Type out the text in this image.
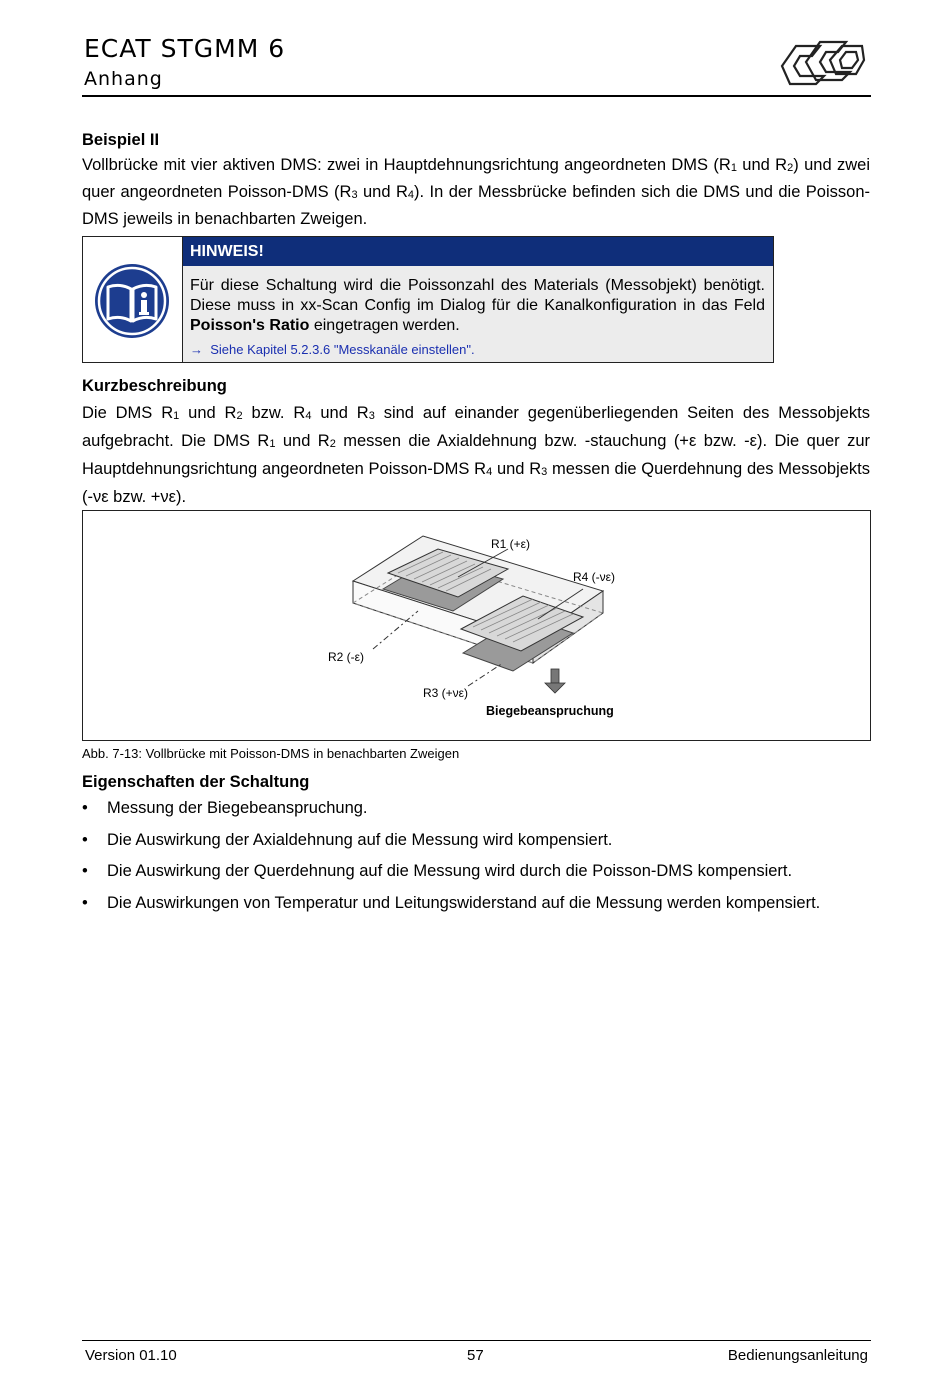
ECAT STGMM 6
Anhang
Beispiel II

Vollbrücke mit vier aktiven DMS: zwei in Hauptdehnungsrichtung angeordneten DMS ($R_1$ und $R_2$) und zwei quer angeordneten Poisson-DMS ($R_3$ und $R_4$). In der Messbrücke befinden sich die DMS und die Poisson-DMS jeweils in benachbarten Zweigen.

HINWEIS!
Für diese Schaltung wird die Poissonzahl des Materials (Messobjekt) benötigt. Diese muss in xx-Scan Config im Dialog für die Kanalkonfiguration in das Feld Poisson's Ratio eingetragen werden.
→ Siehe Kapitel 5.2.3.6 "Messkanäle einstellen".
Kurzbeschreibung

Die DMS $R_1$ und $R_2$ bzw. $R_4$ und $R_3$ sind auf einander gegenüberliegenden Seiten des Messobjekts aufgebracht. Die DMS $R_1$ und $R_2$ messen die Axialdehnung bzw. -stauchung (+ε bzw. -ε). Die quer zur Hauptdehnungsrichtung angeordneten Poisson-DMS $R_4$ und $R_3$ messen die Querdehnung des Messobjekts (-νε bzw. +νε).

R1 (+ε)
R4 (-νε)
R2 (-ε)
R3 (+νε)
Biegebeanspruchung
Abb. 7-13: Vollbrücke mit Poisson-DMS in benachbarten Zweigen
Eigenschaften der Schaltung
• Messung der Biegebeanspruchung.
• Die Auswirkung der Axialdehnung auf die Messung wird kompensiert.
• Die Auswirkung der Querdehnung auf die Messung wird durch die Poisson-DMS kompensiert.
• Die Auswirkungen von Temperatur und Leitungswiderstand auf die Messung werden kompensiert.
Version 01.10	57	Bedienungsanleitung
